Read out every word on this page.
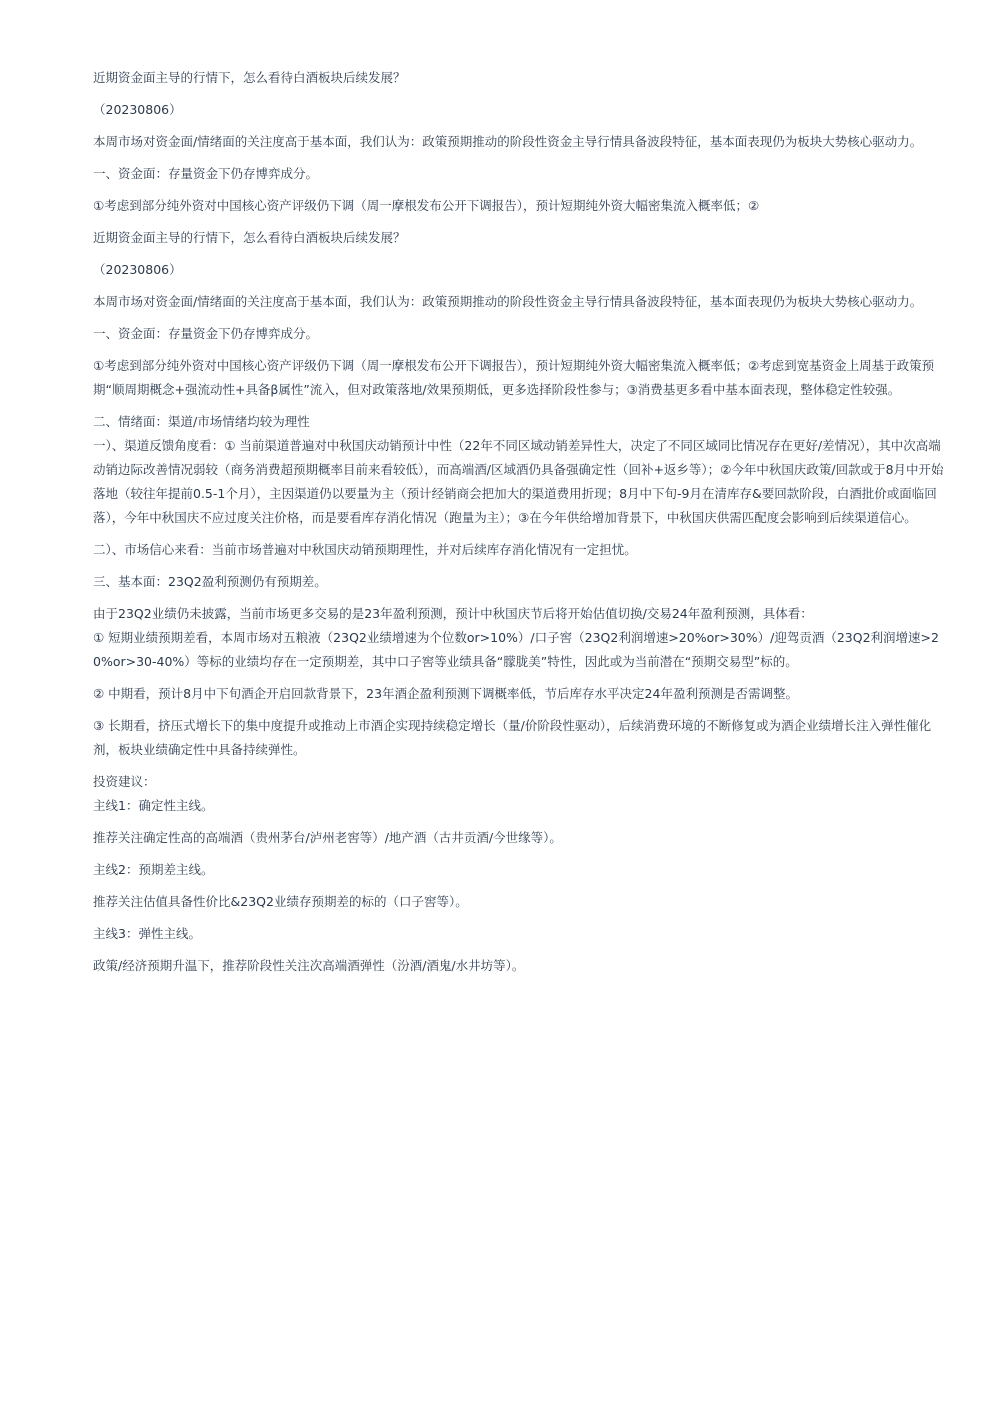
近期资金面主导的行情下，怎么看待白酒板块后续发展？

（20230806）

本周市场对资金面/情绪面的关注度高于基本面，我们认为：政策预期推动的阶段性资金主导行情具备波段特征，基本面表现仍为板块大势核心驱动力。

一、资金面：存量资金下仍存博弈成分。

①考虑到部分纯外资对中国核心资产评级仍下调（周一摩根发布公开下调报告），预计短期纯外资大幅密集流入概率低；②

近期资金面主导的行情下，怎么看待白酒板块后续发展？

（20230806）

本周市场对资金面/情绪面的关注度高于基本面，我们认为：政策预期推动的阶段性资金主导行情具备波段特征，基本面表现仍为板块大势核心驱动力。

一、资金面：存量资金下仍存博弈成分。

①考虑到部分纯外资对中国核心资产评级仍下调（周一摩根发布公开下调报告），预计短期纯外资大幅密集流入概率低；②考虑到宽基资金上周基于政策预期“顺周期概念+强流动性+具备β属性”流入，但对政策落地/效果预期低，更多选择阶段性参与；③消费基更多看中基本面表现，整体稳定性较强。

二、情绪面：渠道/市场情绪均较为理性

一）、渠道反馈角度看：① 当前渠道普遍对中秋国庆动销预计中性（22年不同区域动销差异性大，决定了不同区域同比情况存在更好/差情况），其中次高端动销边际改善情况弱较（商务消费超预期概率目前来看较低），而高端酒/区域酒仍具备强确定性（回补+返乡等）；②今年中秋国庆政策/回款或于8月中开始落地（较往年提前0.5-1个月），主因渠道仍以要量为主（预计经销商会把加大的渠道费用折现；8月中下旬-9月在清库存&要回款阶段，白酒批价或面临回落），今年中秋国庆不应过度关注价格，而是要看库存消化情况（跑量为主）；③在今年供给增加背景下，中秋国庆供需匹配度会影响到后续渠道信心。

二）、市场信心来看：当前市场普遍对中秋国庆动销预期理性，并对后续库存消化情况有一定担忧。

三、基本面：23Q2盈利预测仍有预期差。

由于23Q2业绩仍未披露，当前市场更多交易的是23年盈利预测，预计中秋国庆节后将开始估值切换/交易24年盈利预测，具体看：

① 短期业绩预期差看，本周市场对五粮液（23Q2业绩增速为个位数or>10%）/口子窖（23Q2利润增速>20%or>30%）/迎驾贡酒（23Q2利润增速>20%or>30-40%）等标的业绩均存在一定预期差，其中口子窖等业绩具备“朦胧美”特性，因此或为当前潜在“预期交易型”标的。

② 中期看，预计8月中下旬酒企开启回款背景下，23年酒企盈利预测下调概率低，节后库存水平决定24年盈利预测是否需调整。

③ 长期看，挤压式增长下的集中度提升或推动上市酒企实现持续稳定增长（量/价阶段性驱动），后续消费环境的不断修复或为酒企业绩增长注入弹性催化剂，板块业绩确定性中具备持续弹性。

投资建议：

主线1：确定性主线。

推荐关注确定性高的高端酒（贵州茅台/泸州老窖等）/地产酒（古井贡酒/今世缘等）。

主线2：预期差主线。

推荐关注估值具备性价比&23Q2业绩存预期差的标的（口子窖等）。

主线3：弹性主线。

政策/经济预期升温下，推荐阶段性关注次高端酒弹性（汾酒/酒鬼/水井坊等）。
